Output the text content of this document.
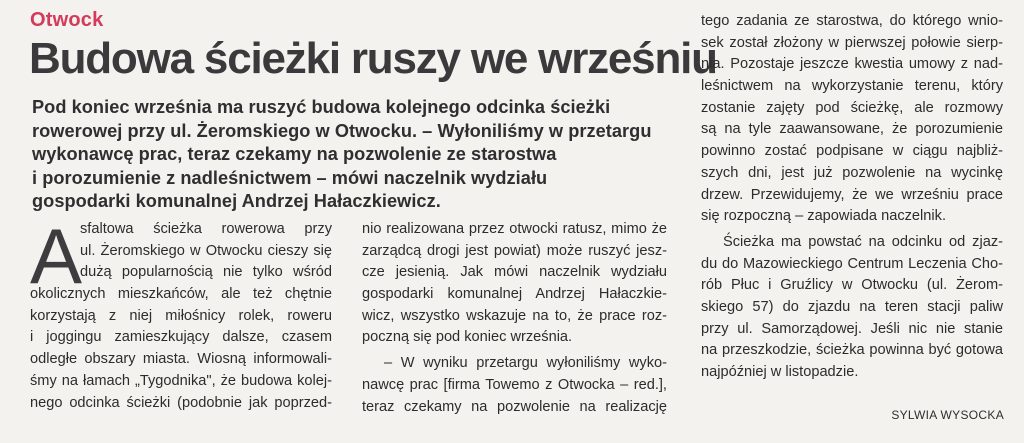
Otwock
Budowa ścieżki ruszy we wrześniu
Pod koniec września ma ruszyć budowa kolejnego odcinka ścieżki
rowerowej przy ul. Żeromskiego w Otwocku. – Wyłoniliśmy w przetargu
wykonawcę prac, teraz czekamy na pozwolenie ze starostwa
i porozumienie z nadleśnictwem – mówi naczelnik wydziału
gospodarki komunalnej Andrzej Hałaczkiewicz.
A
sfaltowa ścieżka rowerowa przy
ul. Żeromskiego w Otwocku cieszy się
dużą popularnością nie tylko wśród
okolicznych mieszkańców, ale też chętnie
korzystają z niej miłośnicy rolek, roweru
i joggingu zamieszkujący dalsze, czasem
odległe obszary miasta. Wiosną informowali-
śmy na łamach „Tygodnika", że budowa kolej-
nego odcinka ścieżki (podobnie jak poprzed-
nio realizowana przez otwocki ratusz, mimo że
zarządcą drogi jest powiat) może ruszyć jesz-
cze jesienią. Jak mówi naczelnik wydziału
gospodarki komunalnej Andrzej Hałaczkie-
wicz, wszystko wskazuje na to, że prace roz-
poczną się pod koniec września.
– W wyniku przetargu wyłoniliśmy wyko-
nawcę prac [firma Towemo z Otwocka – red.],
teraz czekamy na pozwolenie na realizację
tego zadania ze starostwa, do którego wnio-
sek został złożony w pierwszej połowie sierp-
nia. Pozostaje jeszcze kwestia umowy z nad-
leśnictwem na wykorzystanie terenu, który
zostanie zajęty pod ścieżkę, ale rozmowy
są na tyle zaawansowane, że porozumienie
powinno zostać podpisane w ciągu najbliż-
szych dni, jest już pozwolenie na wycinkę
drzew. Przewidujemy, że we wrześniu prace
się rozpoczną – zapowiada naczelnik.
Ścieżka ma powstać na odcinku od zjaz-
du do Mazowieckiego Centrum Leczenia Cho-
rób Płuc i Gruźlicy w Otwocku (ul. Żerom-
skiego 57) do zjazdu na teren stacji paliw
przy ul. Samorządowej. Jeśli nic nie stanie
na przeszkodzie, ścieżka powinna być gotowa
najpóźniej w listopadzie.
SYLWIA WYSOCKA
